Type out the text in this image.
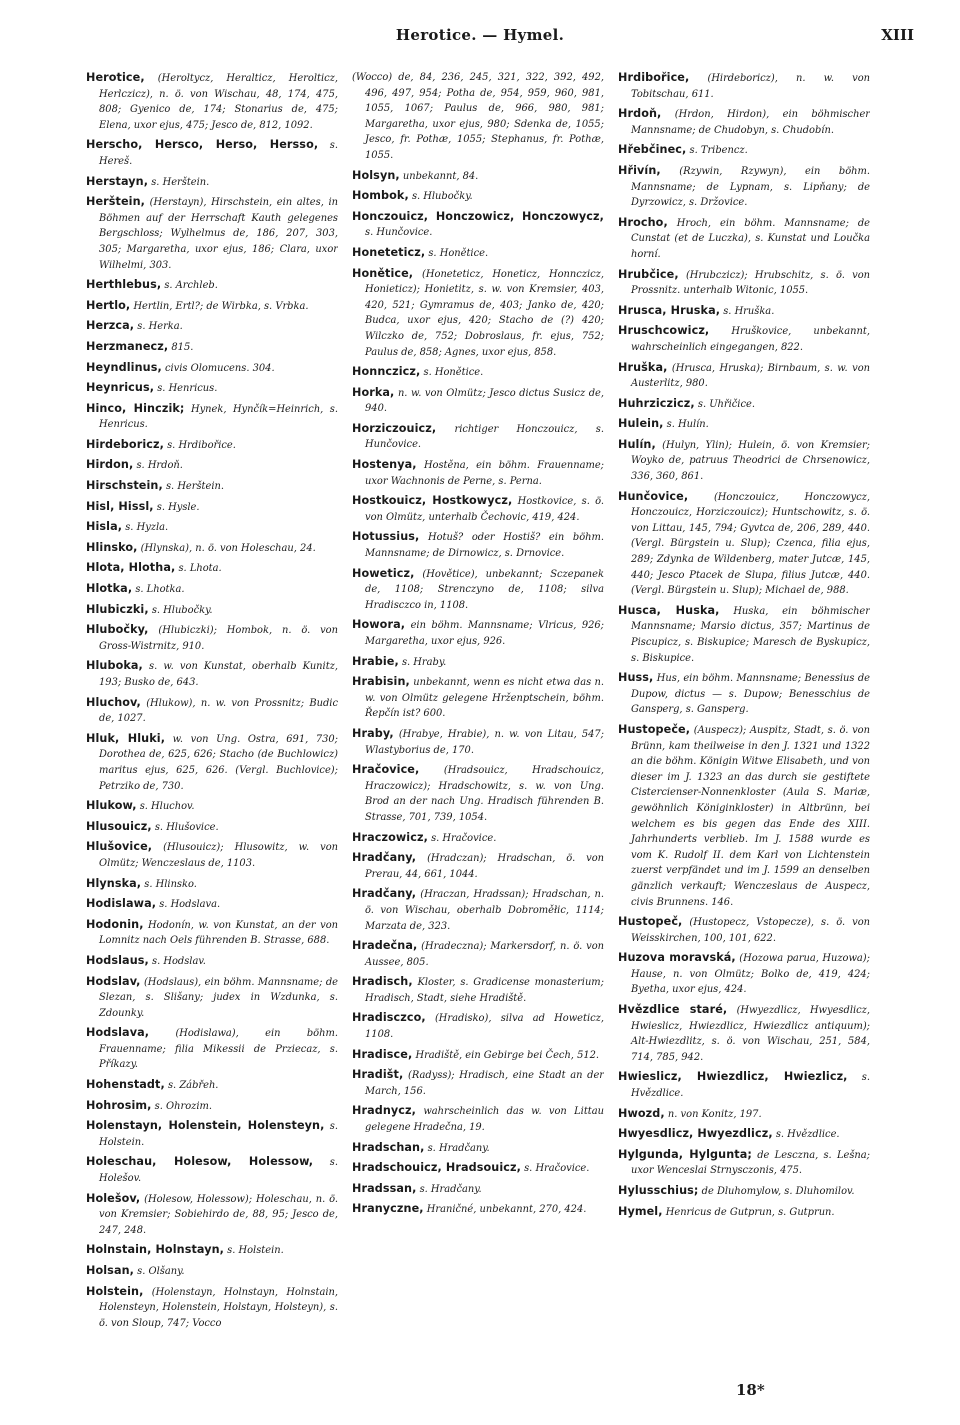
Herotice. — Hymel.	XIII
Herotice, (Heroltycz, Heralticz, Herolticz, Herlczicz), n. ö. von Wischau, 48, 174, 475, 808; Gyenico de, 174; Stonarius de, 475; Elena, uxor ejus, 475; Jesco de, 812, 1092.
Herscho, Hersco, Herso, Hersso, s. Hereš.
Herstayn, s. Herštein.
Herštein, (Herstayn), Hirschstein, ein altes, in Böhmen auf der Herrschaft Kauth gelegenes Bergschloss; Wylhelmus de, 186, 207, 303, 305; Margaretha, uxor ejus, 186; Clara, uxor Wilhelmi, 303.
Herthlebus, s. Archleb.
Hertlo, Hertlin, Ertl?; de Wirbka, s. Vrbka.
Herzca, s. Herka.
Herzmanecz, 815.
Heyndlinus, civis Olomucens. 304.
Heynricus, s. Henricus.
Hinco, Hinczik; Hynek, Hynčík=Heinrich, s. Henricus.
Hirdeboricz, s. Hrdibořice.
Hirdon, s. Hrdoň.
Hirschstein, s. Herštein.
Hisl, Hissl, s. Hysle.
Hisla, s. Hyzla.
Hlinsko, (Hlynska), n. ö. von Holeschau, 24.
Hlota, Hlotha, s. Lhota.
Hlotka, s. Lhotka.
Hlubiczki, s. Hlubočky.
Hlubočky, (Hlubiczki); Hombok, n. ö. von Gross-Wistrnitz, 910.
Hluboka, s. w. von Kunstat, oberhalb Kunitz, 193; Busko de, 643.
Hluchov, (Hlukow), n. w. von Prossnitz; Budic de, 1027.
Hluk, Hluki, w. von Ung. Ostra, 691, 730; Dorothea de, 625, 626; Stacho (de Buchlowicz) maritus ejus, 625, 626. (Vergl. Buchlovice); Petrziko de, 730.
Hlukow, s. Hluchov.
Hlusouicz, s. Hlušovice.
Hlušovice, (Hlusouicz); Hlusowitz, w. von Olmütz; Wenczeslaus de, 1103.
Hlynska, s. Hlinsko.
Hodislawa, s. Hodslava.
Hodonin, Hodonín, w. von Kunstat, an der von Lomnitz nach Oels führenden B. Strasse, 688.
Hodslaus, s. Hodslav.
Hodslav, (Hodslaus), ein böhm. Mannsname; de Slezan, s. Slišany; judex in Wzdunka, s. Zdounky.
Hodslava,	(Hodislawa), ein böhm. Frauenname; filia Mikessii de Przieca​z, s. Příkazy.
Hohenstadt, s. Zábřeh.
Hohrosim, s. Ohrozim.
Holenstayn, Holenstein, Holensteyn, s. Holstein.
Holeschau, Holesow, Holessow, s. Holešov.
Holešov, (Holesow, Holessow); Holeschau, n. ö. von Kremsier; Sobiehirdo de, 88, 95; Jesco de, 247, 248.
Holnstain, Holnstayn, s. Holstein.
Holsan, s. Olšany.
Holstein, (Holenstayn, Holnstayn, Holnstain, Holensteyn, Holenstein, Holstayn, Holsteyn), s. ö. von Sloup, 747; Vocco
(Wocco) de, 84, 236, 245, 321, 322, 392, 492, 496, 497, 954; Potha de, 954, 959, 960, 981, 1055, 1067; Paulus de, 966, 980, 981; Margaretha, uxor ejus, 980; Sdenka de, 1055; Jesco, fr. Pothæ, 1055; Stephanus, fr. Pothæ, 1055.
Holsyn, unbekannt, 84.
Hombok, s. Hlubočky.
Honczouicz, Honczowicz, Honczowycz, s. Hunčovice.
Honeteticz, s. Honětice.
Honětice, (Honeteticz, Honeticz, Honnczicz, Honieticz); Honietitz, s. w. von Kremsier, 403, 420, 521; Gymramus de, 403; Janko de, 420; Budca, uxor ejus, 420; Stacho de (?) 420; Wilczko de, 752; Dobroslaus, fr. ejus, 752; Paulus de, 858; Agnes, uxor ejus, 858.
Honnczicz, s. Honětice.
Horka, n. w. von Olmütz; Jesco dictus Susicz de, 940.
Horziczouicz, richtiger Honczouicz, s. Hunčovice.
Hostenya, Hostěna, ein böhm. Frauenname; uxor Wachnonis de Perne, s. Perna.
Hostkouicz, Hostkowycz, Hostkovice, s. ö. von Olmütz, unterhalb Čechovic, 419, 424.
Hotussius, Hotuš? oder Hostiš? ein böhm. Mannsname; de Dirnowicz, s. Drnovice.
Howeticz, (Hovětice), unbekannt; Sczepanek de, 1108; Strenczyno de, 1108; silva Hradisczco in, 1108.
Howora, ein böhm. Mannsname; Vlricus, 926; Margaretha, uxor ejus, 926.
Hrabie, s. Hraby.
Hrabisin, unbekannt, wenn es nicht etwa das n. w. von Olmütz gelegene Hrženptschein, böhm. Řepčín ist? 600.
Hraby, (Hrabye, Hrabie), n. w. von Litau, 547; Wlastyborius de, 170.
Hračovice, (Hradsouicz, Hradschouicz, Hraczowicz); Hradschowitz, s. w. von Ung. Brod an der nach Ung. Hradisch führenden B. Strasse, 701, 739, 1054.
Hraczowicz, s. Hračovice.
Hradčany, (Hradczan); Hradschan, ö. von Prerau, 44, 661, 1044.
Hradčany, (Hraczan, Hradssan); Hradschan, n. ö. von Wischau, oberhalb Dobroměłic, 1114; Marzata de, 323.
Hradečna, (Hradeczna); Markersdorf, n. ö. von Aussee, 805.
Hradisch, Kloster, s. Gradicense monasterium; Hradisch, Stadt, siehe Hradiště.
Hradisczco, (Hradisko), silva ad Howeticz, 1108.
Hradisce, Hradiště, ein Gebirge bei Čech, 512.
Hradišt, (Radyss); Hradisch, eine Stadt an der March, 156.
Hradnycz, wahrscheinlich das w. von Littau gelegene Hradečna, 19.
Hradschan, s. Hradčany.
Hradschouicz, Hradsouicz, s. Hračovice.
Hradssan, s. Hradčany.
Hranyczne, Hraničné, unbekannt, 270, 424.
Hrdibořice, (Hirdeboricz), n. w. von Tobitschau, 611.
Hrdoň, (Hrdon, Hirdon), ein böhmischer Mannsname; de Chudobyn, s. Chudobín.
Hřebčinec, s. Tribencz.
Hřivín, (Rzywin, Rzywyn), ein böhm. Mannsname; de Lypnam, s. Lipňany; de Dyrzowicz, s. Držovice.
Hrocho, Hroch, ein böhm. Mannsname; de Cunstat (et de Luczka), s. Kunstat und Loučka horní.
Hrubčice, (Hrubczicz); Hrubschitz, s. ö. von Prossnitz. unterhalb Witonic, 1055.
Hrusca, Hruska, s. Hruška.
Hruschcowicz, Hruškovice, unbekannt, wahrscheinlich eingegangen, 822.
Hruška, (Hrusca, Hruska); Birnbaum, s. w. von Austerlitz, 980.
Huhrziczicz, s. Uhřičice.
Hulein, s. Hulín.
Hulín, (Hulyn, Ylin); Hulein, ö. von Kremsier; Woyko de, patruus Theodrici de Chrsenowicz, 336, 360, 861.
Hunčovice,	(Honczouicz, Honczowycz, Honczouicz, Horziczouicz); Huntschowitz, s. ö. von Littau, 145, 794; Gyvtca de, 206, 289, 440. (Vergl. Bürgstein u. Slup); Czenca, filia ejus, 289; Zdynka de Wildenberg, mater Jutcæ, 145, 440; Jesco Ptacek de Slupa, filius Jutcæ, 440. (Vergl. Bürgstein u. Slup); Michael de, 988.
Husca, Huska, Huska, ein böhmischer Mannsname; Marsio dictus, 357; Martinus de Piscupicz, s. Biskupice; Maresch de Byskupicz, s. Biskupice.
Huss, Hus, ein böhm. Mannsname; Benessius de Dupow, dictus — s. Dupow; Benesschius de Gansperg, s. Gansperg.
Hustopeče, (Auspecz); Auspitz, Stadt, s. ö. von Brünn, kam theilweise in den J. 1321 und 1322 an die böhm. Königin Witwe Elisabeth, und von dieser im J. 1323 an das durch sie gestiftete Cistercienser-Nonnenkloster (Aula S. Mariæ, gewöhnlich Königinkloster) in Altbrünn, bei welchem es bis gegen das Ende des XIII. Jahrhunderts verblieb. Im J. 1588 wurde es vom K. Rudolf II. dem Karl von Lichtenstein zuerst verpfändet und im J. 1599 an denselben gänzlich verkauft; Wenczeslaus de Auspecz, civis Brunnens. 146.
Hustopeč, (Hustopecz, Vstopecze), s. ö. von Weisskirchen, 100, 101, 622.
Huzova moravská, (Hozowa parua, Huzowa); Hause, n. von Olmütz; Bolko de, 419, 424; Byetha, uxor ejus, 424.
Hvězdlice staré, (Hwyezdlicz, Hwyesdlicz, Hwieslicz, Hwiezdlicz, Hwiezdlicz antiquum); Alt-Hwiezdlitz, s. ö. von Wischau, 251, 584, 714, 785, 942.
Hwieslicz, Hwiezdlicz, Hwiezlicz, s. Hvězdlice.
Hwozd, n. von Konitz, 197.
Hwyesdlicz, Hwyezdlicz, s. Hvězdlice.
Hylgunda, Hylgunta; de Lesczna, s. Lešna; uxor Wenceslai Strnysczonis, 475.
Hylusschius; de Dluhomylow, s. Dluhomilov.
Hymel, Henricus de Gutprun, s. Gutprun.
18*
